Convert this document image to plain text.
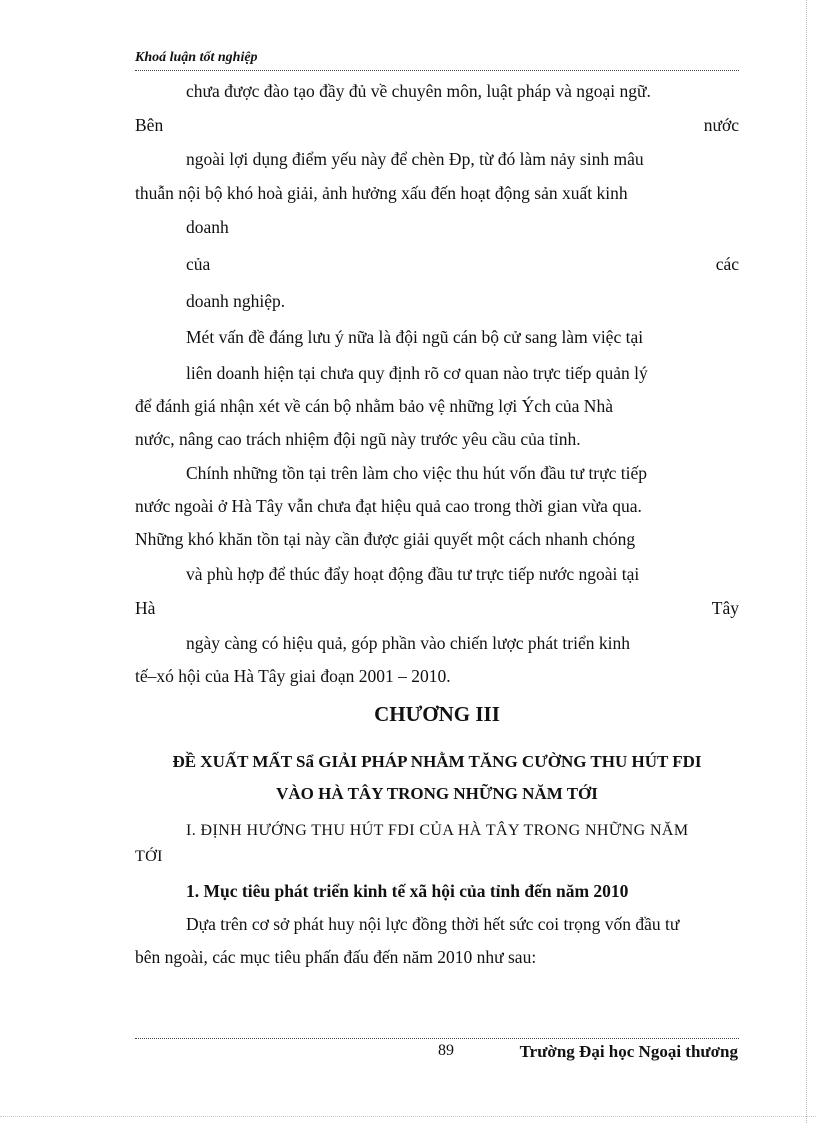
Khoá luận tốt nghiệp
chưa được đào tạo đầy đủ về chuyên môn, luật pháp và ngoại ngữ.
Bên	nước
ngoài lợi dụng điểm yếu này để chèn Đp, từ đó làm nảy sinh mâu
thuẫn nội bộ khó hoà giải, ảnh hưởng xấu đến hoạt động sản xuất kinh
doanh
của	các
doanh nghiệp.
Mét vấn đề đáng lưu ý nữa là đội ngũ cán bộ cử sang làm việc tại
liên doanh hiện tại chưa quy định rõ cơ quan nào trực tiếp quản lý
để đánh giá nhận xét về cán bộ nhằm bảo vệ những lợi Ých của Nhà
nước, nâng cao trách nhiệm đội ngũ này trước yêu cầu của tỉnh.
Chính những tồn tại trên làm cho việc thu hút vốn đầu tư trực tiếp
nước ngoài ở Hà Tây vẫn chưa đạt hiệu quả cao trong thời gian vừa qua.
Những khó khăn tồn tại này cần được giải quyết một cách nhanh chóng
và phù hợp để thúc đẩy hoạt động đầu tư trực tiếp nước ngoài tại
Hà	Tây
ngày càng có hiệu quả, góp phần vào chiến lược phát triển kinh
tế–xó hội của Hà Tây giai đoạn 2001 – 2010.
CHƯƠNG III
ĐỀ XUẤT MẤT Sẩ GIẢI PHÁP NHẰM TĂNG CƯỜNG THU HÚT FDI
VÀO HÀ TÂY TRONG NHỮNG NĂM TỚI
I. ĐỊNH HƯỚNG THU HÚT FDI CỦA HÀ TÂY TRONG NHỮNG NĂM
TỚI
1. Mục tiêu phát triển kinh tế xã hội của tỉnh đến năm 2010
Dựa trên cơ sở phát huy nội lực đồng thời hết sức coi trọng vốn đầu tư
bên ngoài, các mục tiêu phấn đấu đến năm 2010 như sau:
89	Trường Đại học Ngoại thương
